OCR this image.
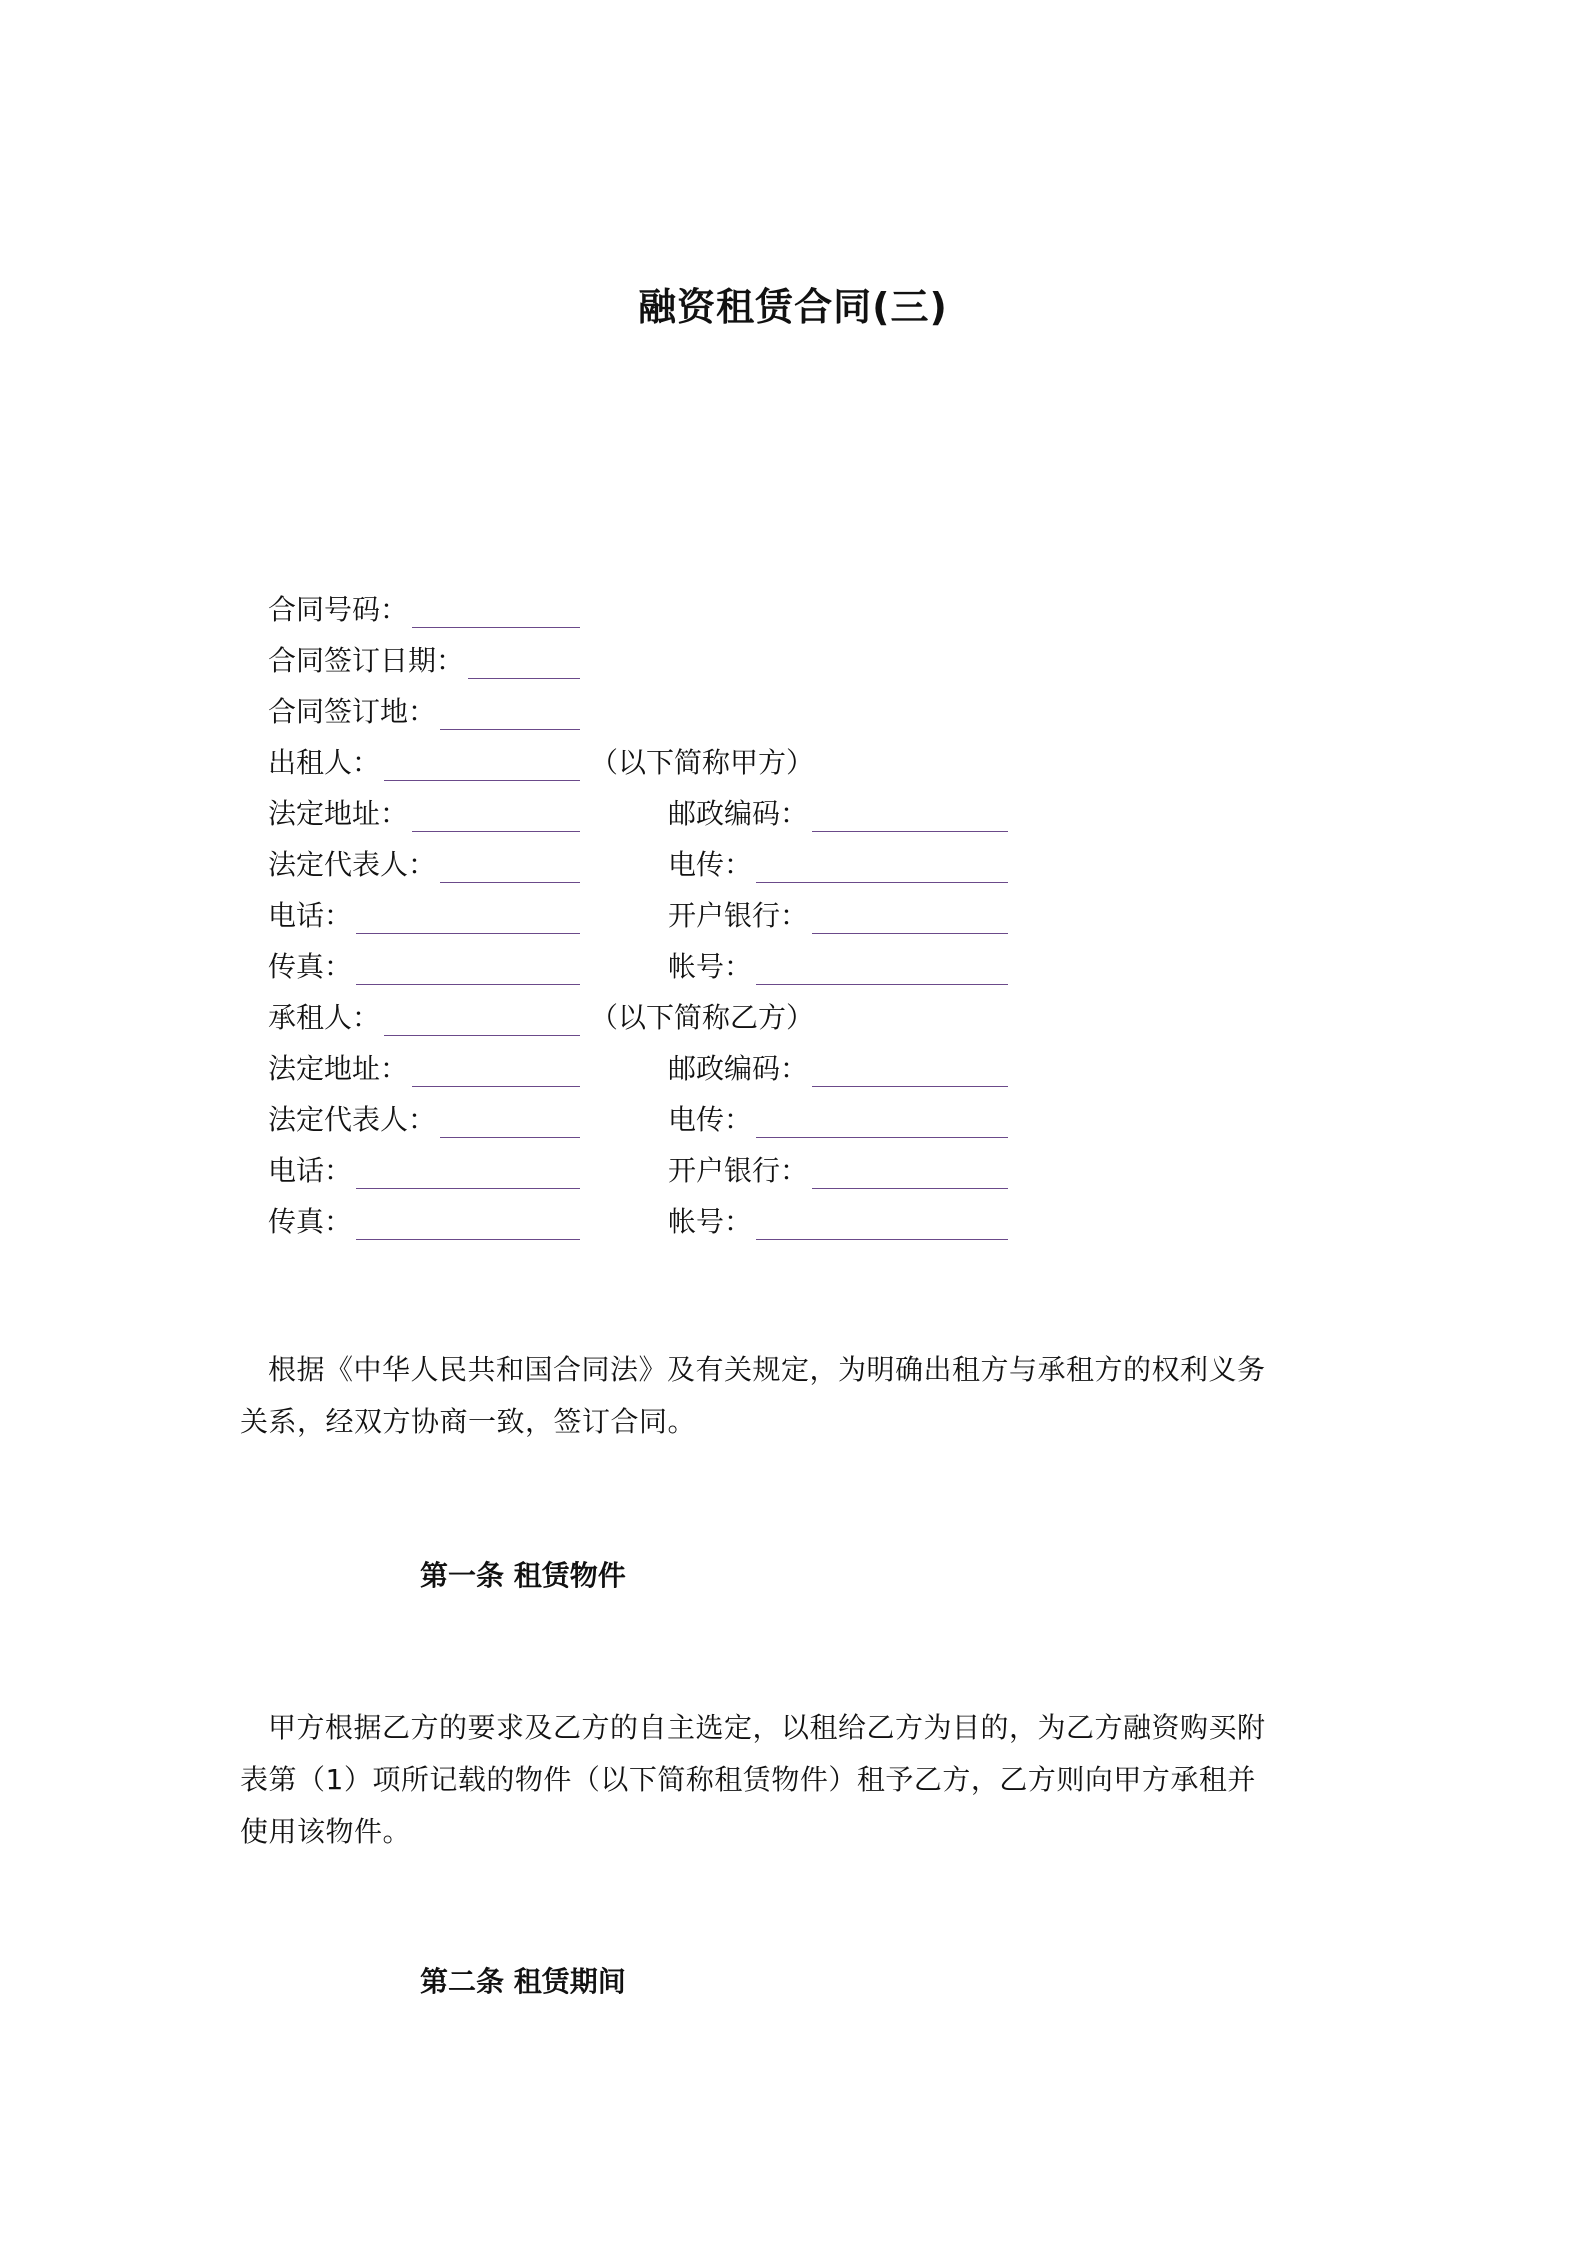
融资租赁合同(三)
合同号码：
合同签订日期：
合同签订地：
出租人：	（以下简称甲方）
法定地址：	邮政编码：
法定代表人：	电传：
电话：	开户银行：
传真：	帐号：
承租人：	（以下简称乙方）
法定地址：	邮政编码：
法定代表人：	电传：
电话：	开户银行：
传真：	帐号：
根据《中华人民共和国合同法》及有关规定，为明确出租方与承租方的权利义务关系，经双方协商一致，签订合同。
第一条 租赁物件
甲方根据乙方的要求及乙方的自主选定，以租给乙方为目的，为乙方融资购买附表第（1）项所记载的物件（以下简称租赁物件）租予乙方，乙方则向甲方承租并使用该物件。
第二条 租赁期间
